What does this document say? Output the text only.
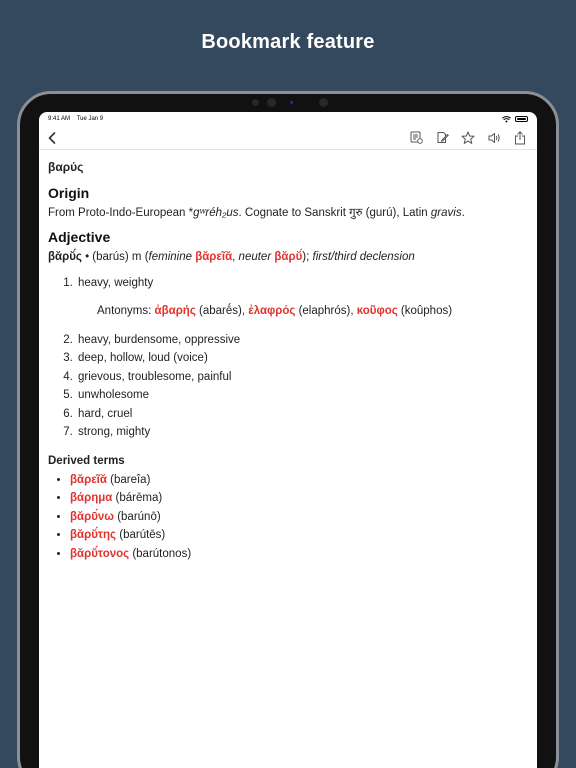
Bookmark feature
9:41 AM Tue Jan 9
βαρύς
Origin
From Proto-Indo-European *gʷréh₂us. Cognate to Sanskrit गुरु (gurú), Latin gravis.
Adjective
βᾰρῠ́ς • (barús) m (feminine βᾰρεῖᾰ, neuter βᾰρῠ́); first/third declension
1. heavy, weighty
Antonyms: ἀβαρής (abarḗs), ἐλαφρός (elaphrós), κοῦφος (koûphos)
2. heavy, burdensome, oppressive
3. deep, hollow, loud (voice)
4. grievous, troublesome, painful
5. unwholesome
6. hard, cruel
7. strong, mighty
Derived terms
• βᾰρεῖᾰ (bareîa)
• βάρημα (bárēma)
• βᾰρῡ́νω (barúnō)
• βᾰρῠ́της (barútēs)
• βᾰρῠ́τονος (barútonos)
